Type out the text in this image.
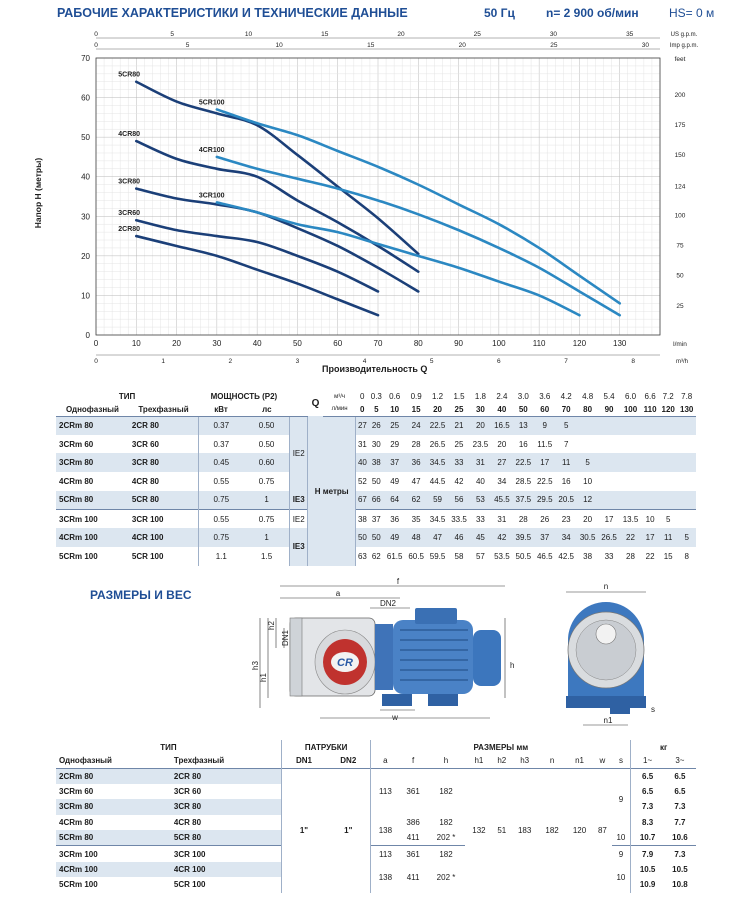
РАБОЧИЕ ХАРАКТЕРИСТИКИ И ТЕХНИЧЕСКИЕ ДАННЫЕ	50 Гц	n= 2 900 об/мин	HS= 0 м
0
10
20
30
40
50
60
70
0	10	20	30	40	50	60	70	80	90	100	110	120	130	l/min
0	1	2	3	4	5	6	7	8	m³/h
0	5	10	15	20	25	30	35	US g.p.m.
0	5	10	15	20	25	30	Imp g.p.m.
feet
25
50
75
100
124
150
175
200
2CR80
3CR60
3CR80
4CR80
5CR80
3CR100
4CR100
5CR100
Напор H (метры)
Производительность Q
ТИП		МОЩНОСТЬ (P2)			Q	м³/ч	0	0.3	0.6	0.9	1.2	1.5	1.8	2.4	3.0	3.6	4.2	4.8	5.4	6.0	6.6	7.2	7.8
Однофазный	Трехфазный	кВт	лс			л/мин	0	5	10	15	20	25	30	40	50	60	70	80	90	100	110	120	130
2CRm 80	2CR 80	0.37	0.50	IE2	H метры		27	26	25	24	22.5	21	20	16.5	13	9	5						
3CRm 60	3CR 60	0.37	0.50				31	30	29	28	26.5	25	23.5	20	16	11.5	7						
3CRm 80	3CR 80	0.45	0.60				40	38	37	36	34.5	33	31	27	22.5	17	11	5					
4CRm 80	4CR 80	0.55	0.75				52	50	49	47	44.5	42	40	34	28.5	22.5	16	10					
5CRm 80	5CR 80	0.75	1	IE3			67	66	64	62	59	56	53	45.5	37.5	29.5	20.5	12					
3CRm 100	3CR 100	0.55	0.75	IE2			38	37	36	35	34.5	33.5	33	31	28	26	23	20	17	13.5	10	5	
4CRm 100	4CR 100	0.75	1	IE3			50	50	49	48	47	46	45	42	39.5	37	34	30.5	26.5	22	17	11	5
5CRm 100	5CR 100	1.1	1.5				63	62	61.5	60.5	59.5	58	57	53.5	50.5	46.5	42.5	38	33	28	22	15	8
РАЗМЕРЫ И ВЕС
CR
f
a
DN2
h2
DN1
h3
h1
h
w
n
n1
s
ТИП		ПАТРУБКИ		РАЗМЕРЫ мм										кг	
Однофазный	Трехфазный	DN1	DN2	a	f	h	h1	h2	h3	n	n1	w	s	1~	3~
2CRm 80	2CR 80	1"	1"	113	361	182	132	51	183	182	120	87	9	6.5	6.5
3CRm 60	3CR 60													6.5	6.5
3CRm 80	3CR 80													7.3	7.3
4CRm 80	4CR 80			138	386	182								8.3	7.7
5CRm 80	5CR 80				411	202 *							10	10.7	10.6
3CRm 100	3CR 100			113	361	182							9	7.9	7.3
4CRm 100	4CR 100			138	411	202 *							10	10.5	10.5
5CRm 100	5CR 100													10.9	10.8
